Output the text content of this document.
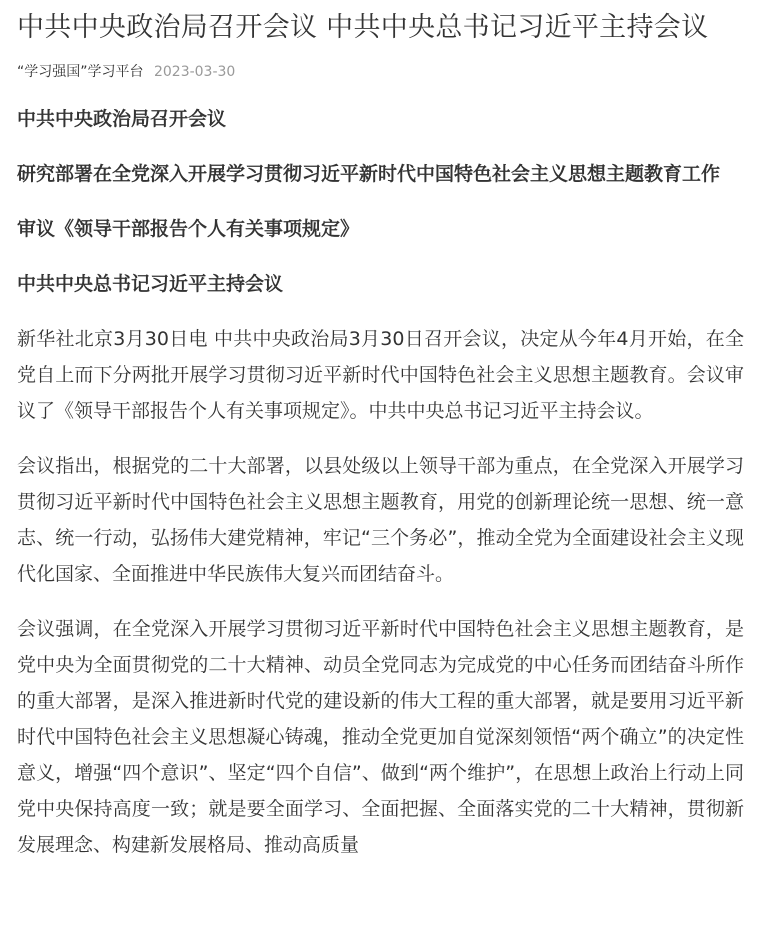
中共中央政治局召开会议 中共中央总书记习近平主持会议
“学习强国”学习平台 2023-03-30

中共中央政治局召开会议

研究部署在全党深入开展学习贯彻习近平新时代中国特色社会主义思想主题教育工作

审议《领导干部报告个人有关事项规定》

中共中央总书记习近平主持会议

新华社北京3月30日电 中共中央政治局3月30日召开会议，决定从今年4月开始，在全党自上而下分两批开展学习贯彻习近平新时代中国特色社会主义思想主题教育。会议审议了《领导干部报告个人有关事项规定》。中共中央总书记习近平主持会议。

会议指出，根据党的二十大部署，以县处级以上领导干部为重点，在全党深入开展学习贯彻习近平新时代中国特色社会主义思想主题教育，用党的创新理论统一思想、统一意志、统一行动，弘扬伟大建党精神，牢记“三个务必”，推动全党为全面建设社会主义现代化国家、全面推进中华民族伟大复兴而团结奋斗。

会议强调，在全党深入开展学习贯彻习近平新时代中国特色社会主义思想主题教育，是党中央为全面贯彻党的二十大精神、动员全党同志为完成党的中心任务而团结奋斗所作的重大部署，是深入推进新时代党的建设新的伟大工程的重大部署，就是要用习近平新时代中国特色社会主义思想凝心铸魂，推动全党更加自觉深刻领悟“两个确立”的决定性意义，增强“四个意识”、坚定“四个自信”、做到“两个维护”，在思想上政治上行动上同党中央保持高度一致；就是要全面学习、全面把握、全面落实党的二十大精神，贯彻新发展理念、构建新发展格局、推动高质量
